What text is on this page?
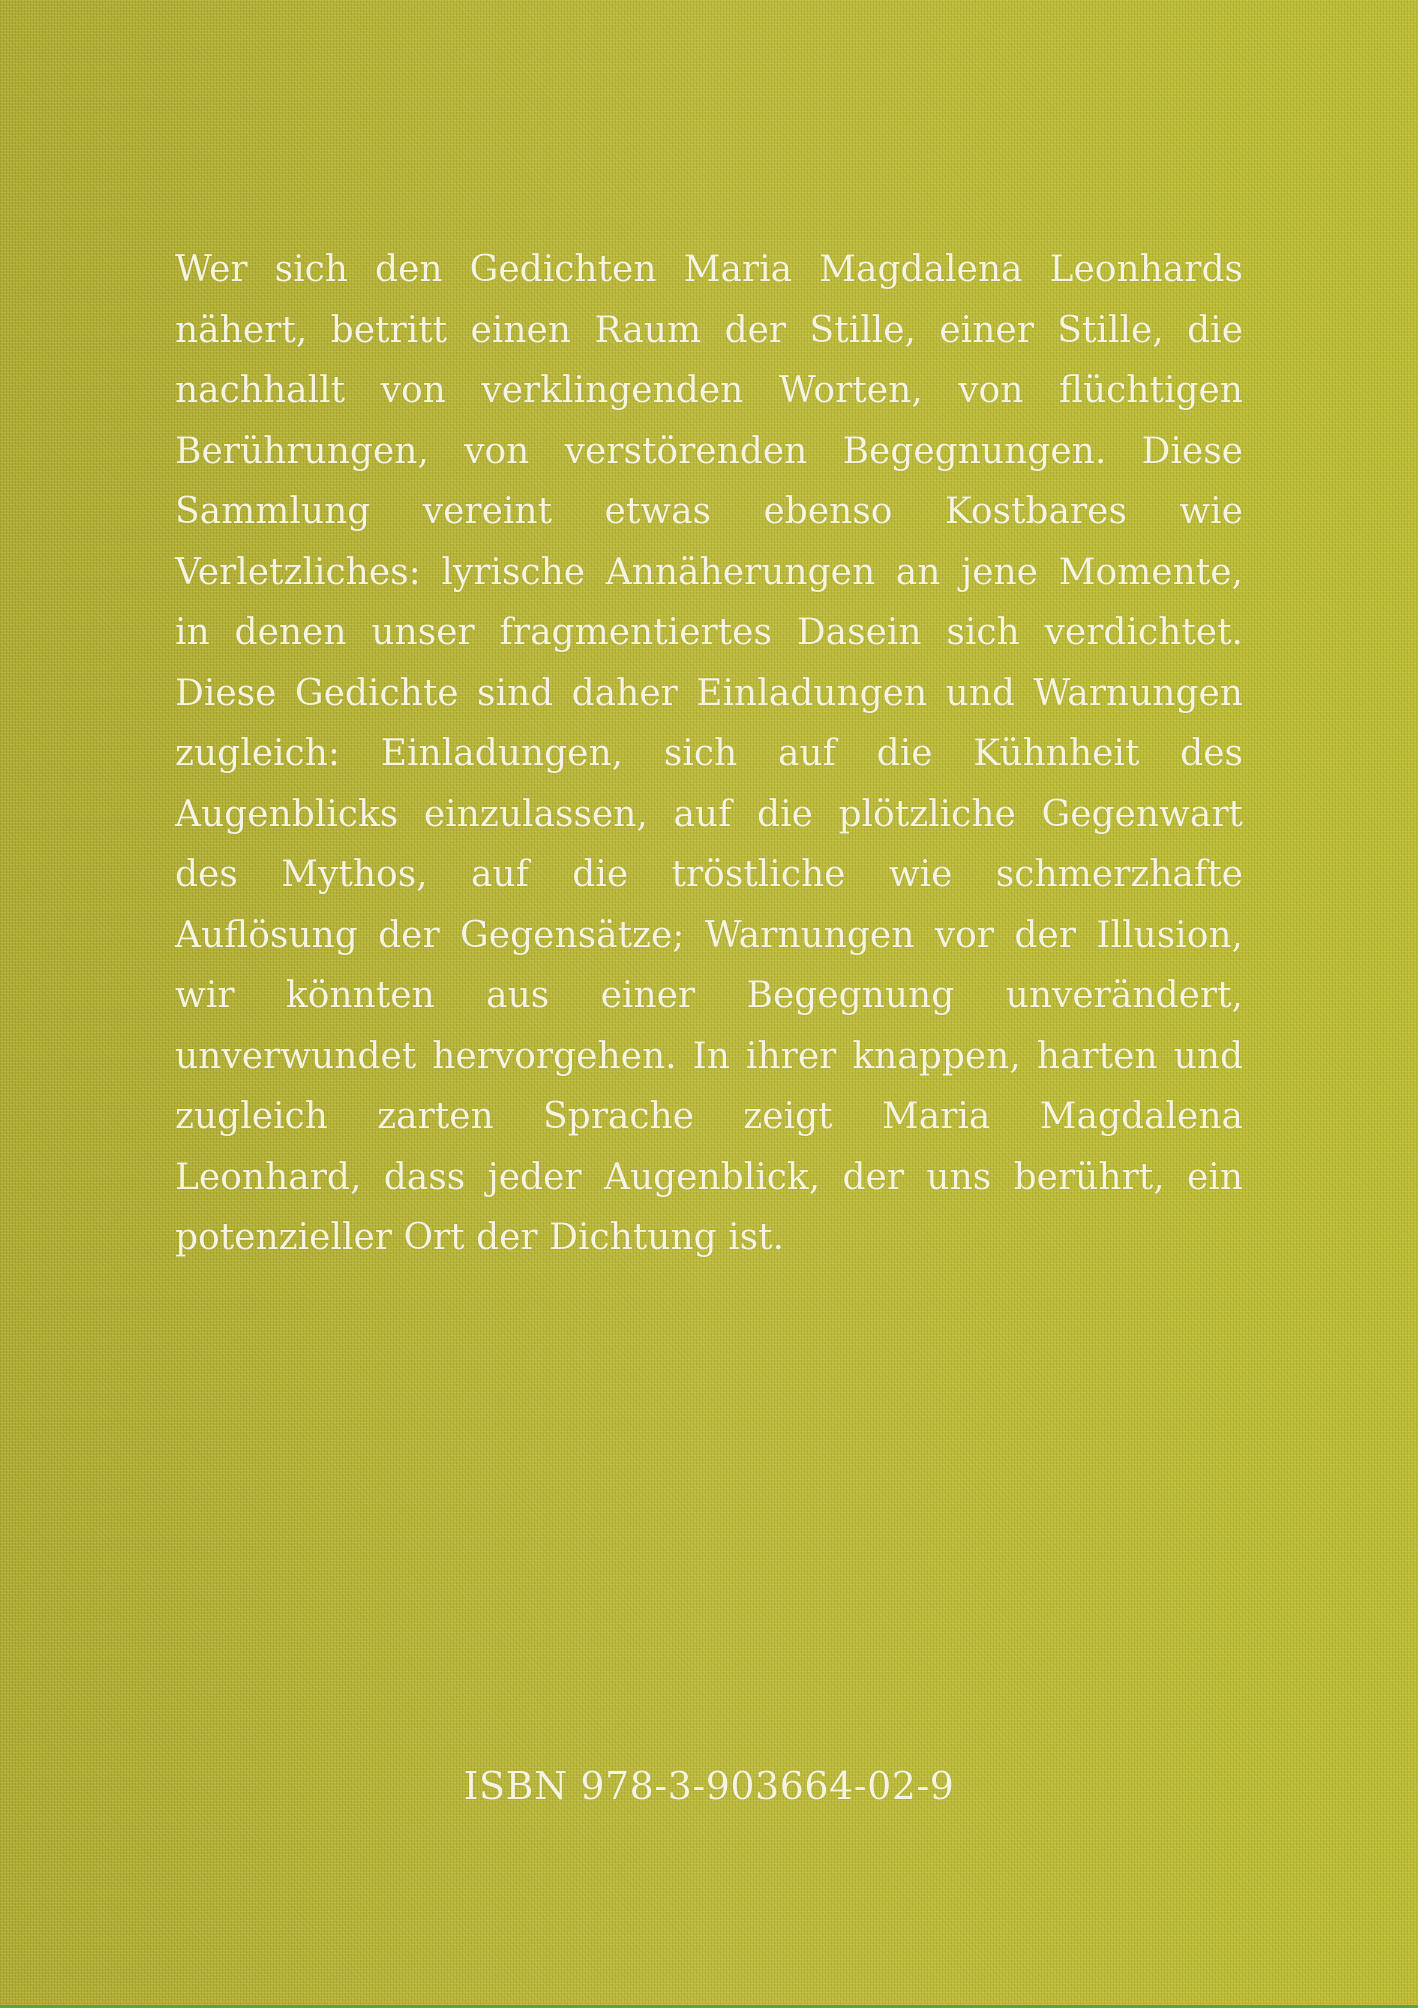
Wer sich den Gedichten Maria Magdalena Leonhards nähert, betritt einen Raum der Stille, einer Stille, die nachhallt von verklingenden Worten, von flüchtigen Berührungen, von verstörenden Begegnungen. Diese Sammlung vereint etwas ebenso Kostbares wie Verletzliches: lyrische Annäherungen an jene Momente, in denen unser fragmentiertes Dasein sich verdichtet. Diese Gedichte sind daher Einladungen und Warnungen zugleich: Einladungen, sich auf die Kühnheit des Augenblicks einzulassen, auf die plötzliche Gegenwart des Mythos, auf die tröstliche wie schmerzhafte Auflösung der Gegensätze; Warnungen vor der Illusion, wir könnten aus einer Begegnung unverändert, unverwundet hervorgehen. In ihrer knappen, harten und zugleich zarten Sprache zeigt Maria Magdalena Leonhard, dass jeder Augenblick, der uns berührt, ein potenzieller Ort der Dichtung ist.

ISBN 978-3-903664-02-9
